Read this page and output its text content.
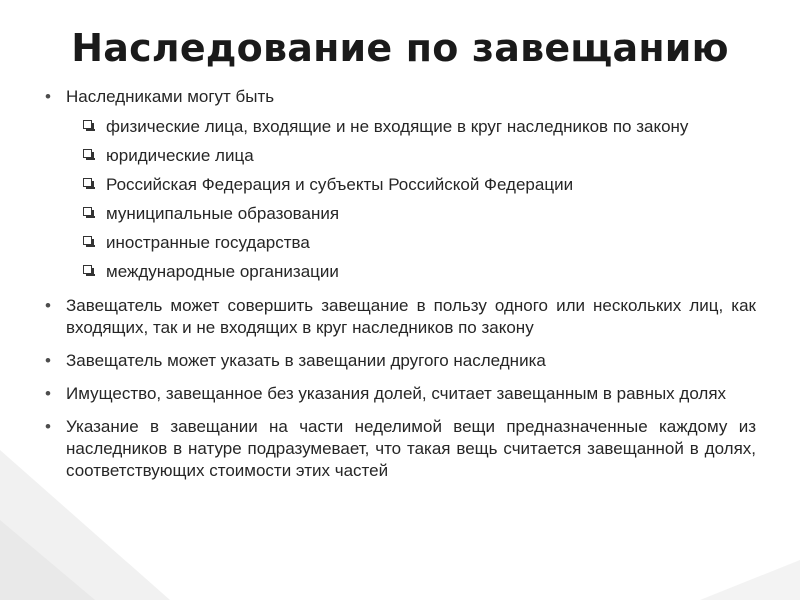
Наследование по завещанию
• Наследниками могут быть
физические лица, входящие и не входящие в круг наследников по закону
юридические лица
Российская Федерация и субъекты Российской Федерации
муниципальные образования
иностранные государства
международные организации
• Завещатель может совершить завещание в пользу одного или нескольких лиц, как входящих, так и не входящих в круг наследников по закону
• Завещатель может указать в завещании другого наследника
• Имущество, завещанное без указания долей, считает завещанным в равных долях
• Указание в завещании на части неделимой вещи предназначенные каждому из наследников в натуре подразумевает, что такая вещь считается завещанной в долях, соответствующих стоимости этих частей
